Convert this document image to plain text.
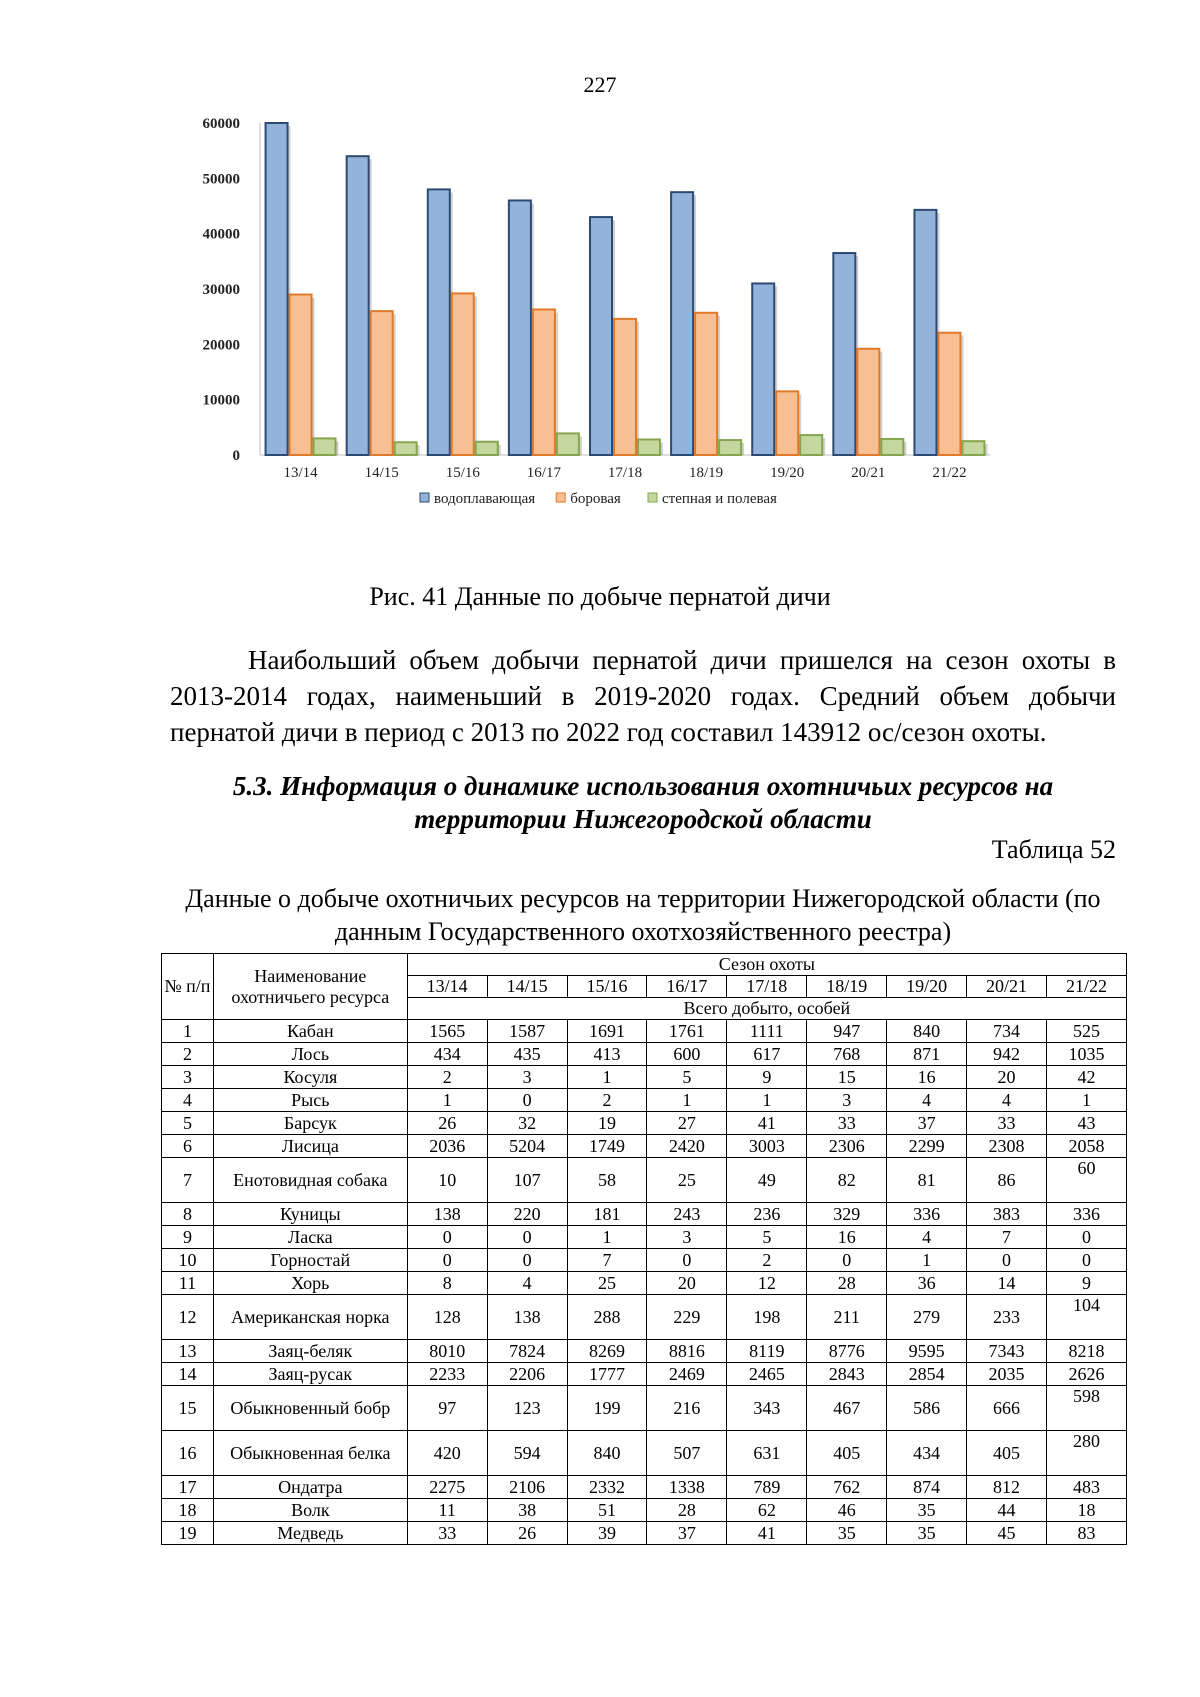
227
0
10000
20000
30000
40000
50000
60000
13/14	14/15	15/16	16/17	17/18	18/19	19/20	20/21	21/22
водоплавающая боровая	степная и полевая
Рис. 41 Данные по добыче пернатой дичи

Наибольший объем добычи пернатой дичи пришелся на сезон охоты в 2013-2014 годах, наименьший в 2019-2020 годах. Средний объем добычи пернатой дичи в период с 2013 по 2022 год составил 143912 ос/сезон охоты.

5.3. Информация о динамике использования охотничьих ресурсов на территории Нижегородской области

Таблица 52

Данные о добыче охотничьих ресурсов на территории Нижегородской области (по данным Государственного охотхозяйственного реестра)

№ п/п	Наименование охотничьего ресурса	Сезон охоты								
		13/14	14/15	15/16	16/17	17/18	18/19	19/20	20/21	21/22
		Всего добыто, особей								
1	Кабан	1565	1587	1691	1761	1111	947	840	734	525
2	Лось	434	435	413	600	617	768	871	942	1035
3	Косуля	2	3	1	5	9	15	16	20	42
4	Рысь	1	0	2	1	1	3	4	4	1
5	Барсук	26	32	19	27	41	33	37	33	43
6	Лисица	2036	5204	1749	2420	3003	2306	2299	2308	2058
7	Енотовидная собака	10	107	58	25	49	82	81	86	60
8	Куницы	138	220	181	243	236	329	336	383	336
9	Ласка	0	0	1	3	5	16	4	7	0
10	Горностай	0	0	7	0	2	0	1	0	0
11	Хорь	8	4	25	20	12	28	36	14	9
12	Американская норка	128	138	288	229	198	211	279	233	104
13	Заяц-беляк	8010	7824	8269	8816	8119	8776	9595	7343	8218
14	Заяц-русак	2233	2206	1777	2469	2465	2843	2854	2035	2626
15	Обыкновенный бобр	97	123	199	216	343	467	586	666	598
16	Обыкновенная белка	420	594	840	507	631	405	434	405	280
17	Ондатра	2275	2106	2332	1338	789	762	874	812	483
18	Волк	11	38	51	28	62	46	35	44	18
19	Медведь	33	26	39	37	41	35	35	45	83
